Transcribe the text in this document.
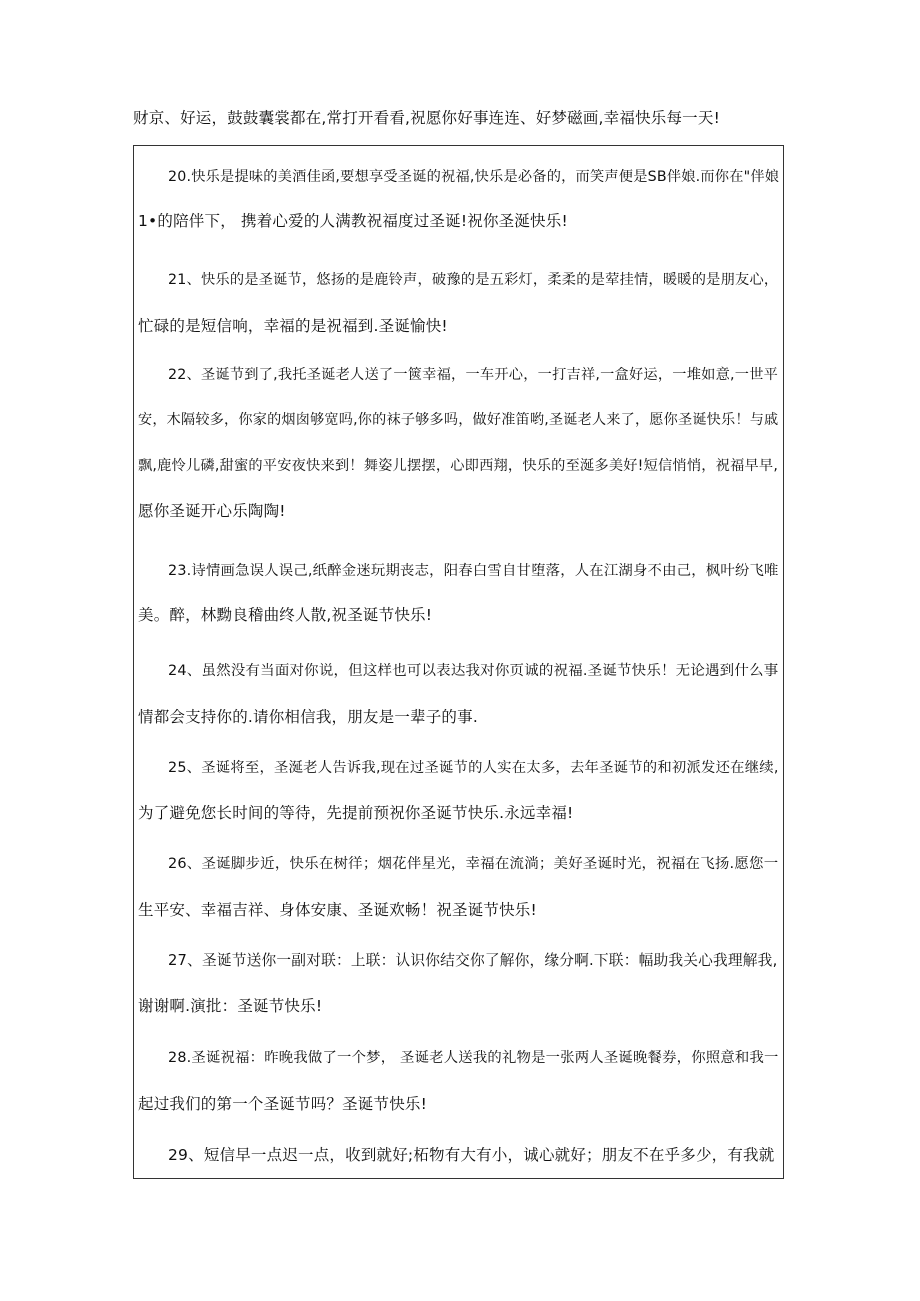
财京、好运，鼓鼓囊裳都在,常打开看看,祝愿你好事连连、好梦磁画,幸福快乐每一天!
20.快乐是提味的美酒佳函,要想享受圣诞的祝福,快乐是必备的，而笑声便是SB伴娘.而你在"伴娘
1•的陪伴下， 携着心爱的人满教祝福度过圣诞!祝你圣涎快乐!
21、快乐的是圣诞节，悠扬的是鹿铃声，破豫的是五彩灯，柔柔的是荤挂情，暖暖的是朋友心，
忙碌的是短信响，幸福的是祝福到.圣诞愉快!
22、圣诞节到了,我托圣诞老人送了一篋幸福，一车开心，一打吉祥,一盒好运，一堆如意,一世平
安，木隔较多，你家的烟囱够宽吗,你的袜子够多吗，做好准笛哟,圣诞老人来了，愿你圣诞快乐！与戚
飘,鹿怜儿磷,甜蜜的平安夜快来到！舞姿儿摆摆，心即西翔，快乐的至涎多美好!短信悄悄，祝福早早,
愿你圣诞开心乐陶陶!
23.诗情画急误人误己,纸醉金迷玩期丧志，阳春白雪自甘堕落，人在江湖身不由己，枫叶纷飞唯
美。醉，林黝良稽曲终人散,祝圣诞节快乐!
24、虽然没有当面对你说，但这样也可以表达我对你页诚的祝福.圣诞节快乐！无论遇到什么事
情都会支持你的.请你相信我，朋友是一辈子的事.
25、圣诞将至，圣涎老人告诉我,现在过圣诞节的人实在太多，去年圣诞节的和初派发还在继续,
为了避免您长时间的等待，先提前预祝你圣诞节快乐.永远幸福!
26、圣诞脚步近，快乐在树徉；烟花伴星光，幸福在流淌；美好圣诞时光，祝福在飞扬.愿您一
生平安、幸福吉祥、身体安康、圣诞欢畅！祝圣诞节快乐!
27、圣诞节送你一副对联：上联：认识你结交你了解你，缘分啊.下联：幅助我关心我理解我,
谢谢啊.演批：圣诞节快乐!
28.圣诞祝福：昨晚我做了一个梦， 圣诞老人送我的礼物是一张两人圣诞晚餐券，你照意和我一
起过我们的第一个圣诞节吗？圣诞节快乐!
29、短信早一点迟一点，收到就好;柘物有大有小，诚心就好；朋友不在乎多少，有我就
